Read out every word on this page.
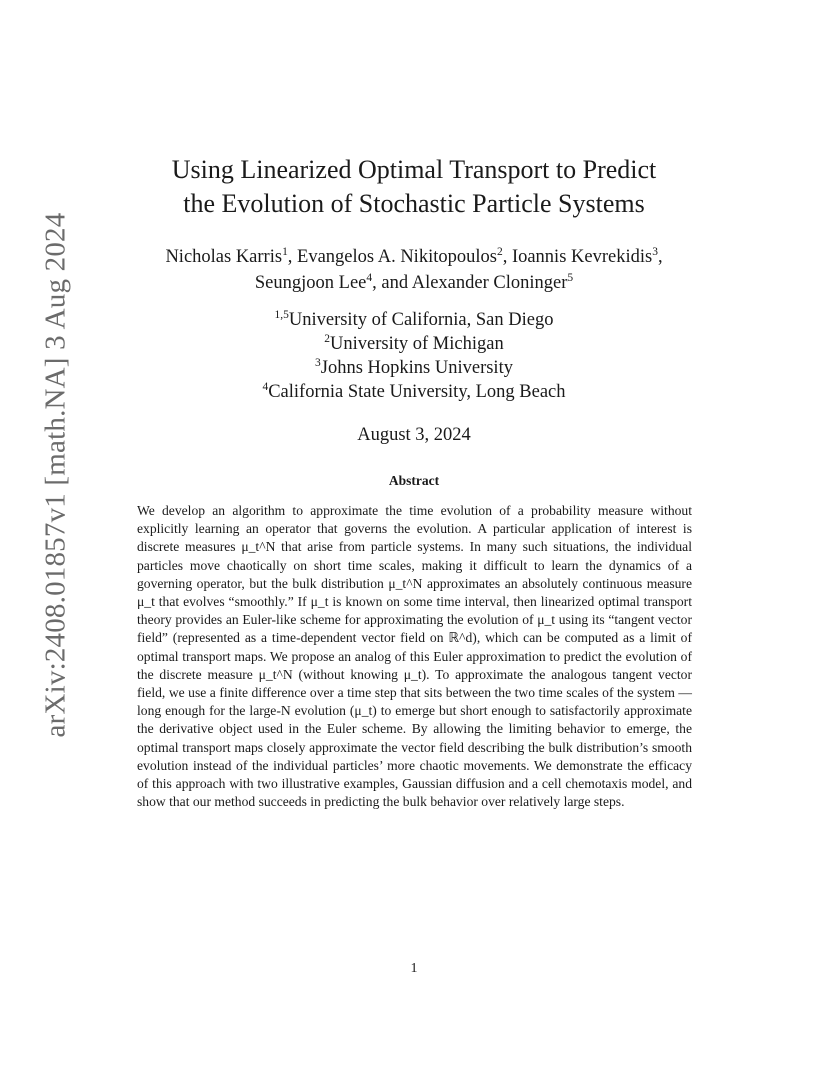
arXiv:2408.01857v1 [math.NA] 3 Aug 2024
Using Linearized Optimal Transport to Predict
the Evolution of Stochastic Particle Systems
Nicholas Karris$^1$, Evangelos A. Nikitopoulos$^2$, Ioannis Kevrekidis$^3$,
Seungjoon Lee$^4$, and Alexander Cloninger$^5$
$^{1,5}$University of California, San Diego
$^2$University of Michigan
$^3$Johns Hopkins University
$^4$California State University, Long Beach
August 3, 2024
Abstract

We develop an algorithm to approximate the time evolution of a probability measure without explicitly learning an operator that governs the evolution. A particular application of interest is discrete measures μ_t^N that arise from particle systems. In many such situations, the individual particles move chaotically on short time scales, making it difficult to learn the dynamics of a governing operator, but the bulk distribution μ_t^N approximates an absolutely continuous measure μ_t that evolves “smoothly.” If μ_t is known on some time interval, then linearized optimal transport theory provides an Euler-like scheme for approximating the evolution of μ_t using its “tangent vector field” (represented as a time-dependent vector field on ℝ^d), which can be computed as a limit of optimal transport maps. We propose an analog of this Euler approximation to predict the evolution of the discrete measure μ_t^N (without knowing μ_t). To approximate the analogous tangent vector field, we use a finite difference over a time step that sits between the two time scales of the system — long enough for the large-N evolution (μ_t) to emerge but short enough to satisfactorily approximate the derivative object used in the Euler scheme. By allowing the limiting behavior to emerge, the optimal transport maps closely approximate the vector field describing the bulk distribution’s smooth evolution instead of the individual particles’ more chaotic movements. We demonstrate the efficacy of this approach with two illustrative examples, Gaussian diffusion and a cell chemotaxis model, and show that our method succeeds in predicting the bulk behavior over relatively large steps.

1
